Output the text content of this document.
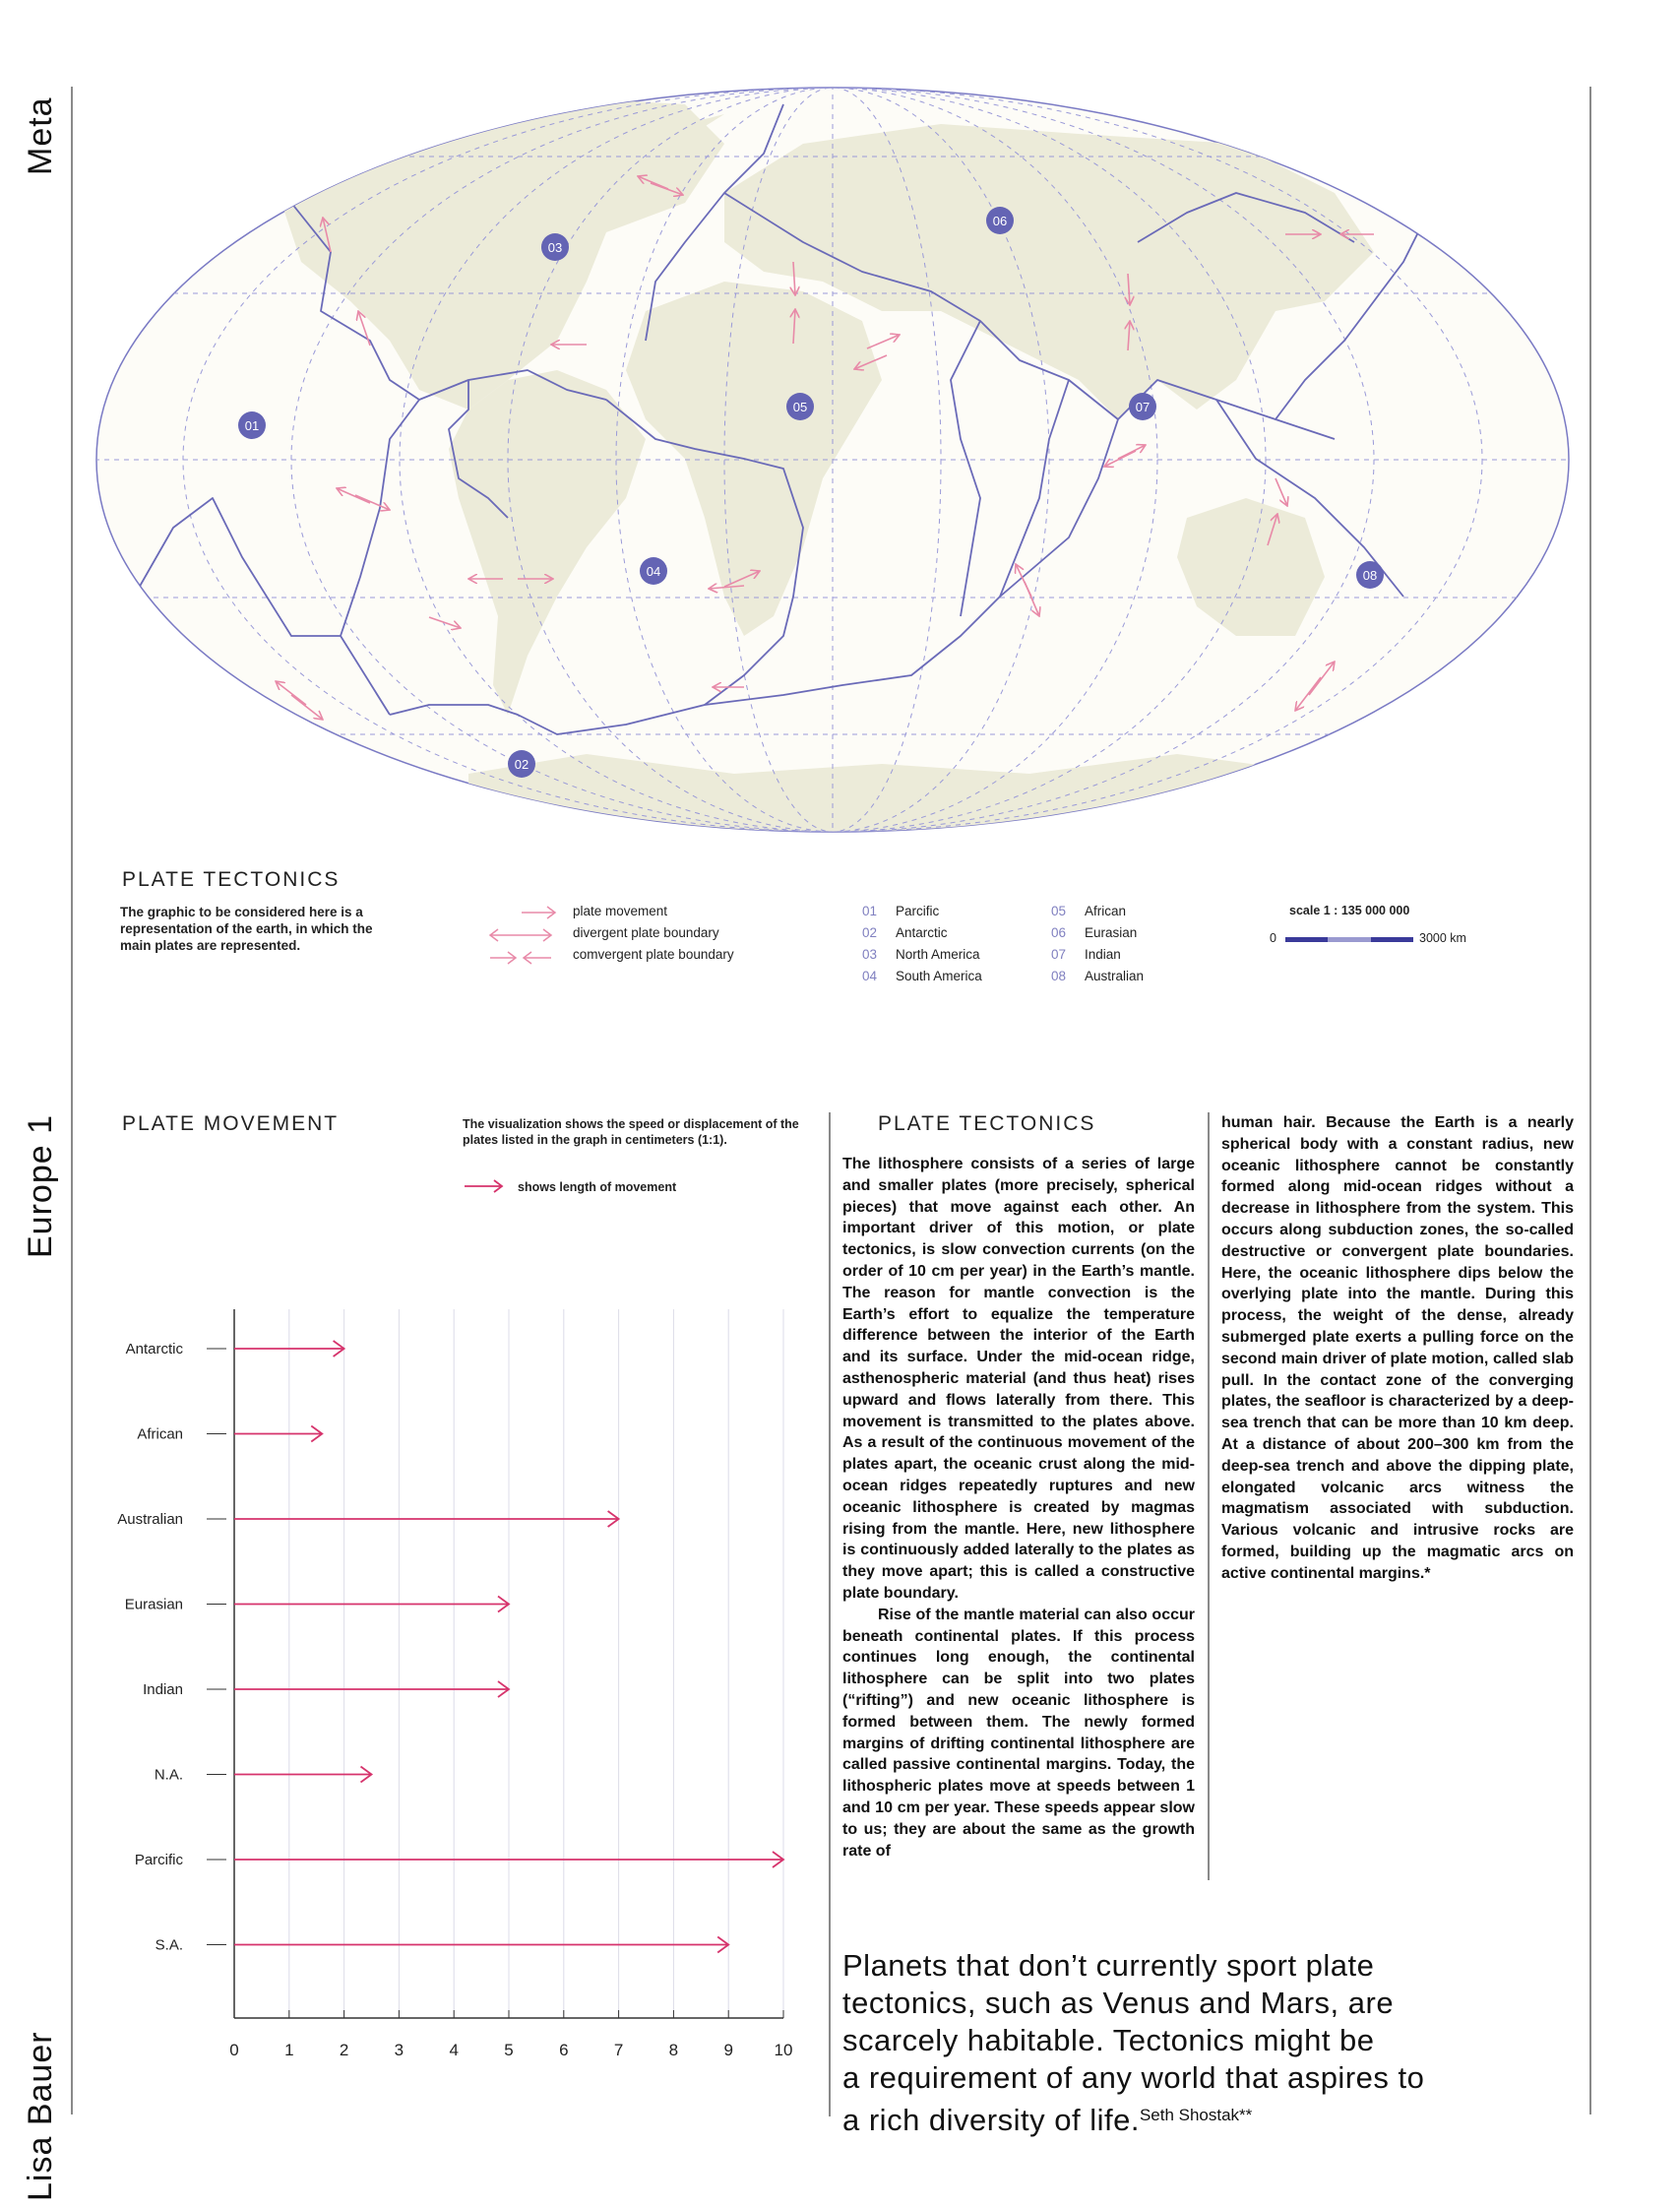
Meta
Europe 1
Lisa Bauer
01
02
03
04
05
06
07
08
PLATE TECTONICS
The graphic to be considered here is a representation of the earth, in which the main plates are represented.
plate movement
divergent plate boundary
comvergent plate boundary
01 Parcific
02 Antarctic
03 North America
04 South America
05 African
06 Eurasian
07 Indian
08 Australian
scale 1 : 135 000 000
0	3000 km
PLATE MOVEMENT	The visualization shows the speed or displacement of the plates listed in the graph in centimeters (1:1).
shows length of movement
0	1	2	3	4	5	6	7	8	9 10
Antarctic
African
Australian
Eurasian
Indian
N.A.
Parcific
S.A.
PLATE TECTONICS
The lithosphere consists of a series of large and smaller plates (more precisely, spherical pieces) that move against each other. An important driver of this motion, or plate tectonics, is slow convection currents (on the order of 10 cm per year) in the Earth’s mantle. The reason for mantle convection is the Earth’s effort to equalize the temperature difference between the interior of the Earth and its surface. Under the mid-ocean ridge, asthenospheric material (and thus heat) rises upward and flows laterally from there. This movement is transmitted to the plates above. As a result of the continuous movement of the plates apart, the oceanic crust along the mid-ocean ridges repeatedly ruptures and new oceanic lithosphere is created by magmas rising from the mantle. Here, new lithosphere is continuously added laterally to the plates as they move apart; this is called a constructive plate boundary.
Rise of the mantle material can also occur beneath continental plates. If this process continues long enough, the continental lithosphere can be split into two plates (“rifting”) and new oceanic lithosphere is formed between them. The newly formed margins of drifting continental lithosphere are called passive continental margins. Today, the lithospheric plates move at speeds between 1 and 10 cm per year. These speeds appear slow to us; they are about the same as the growth rate of
human hair. Because the Earth is a nearly spherical body with a constant radius, new oceanic lithosphere cannot be constantly formed along mid-ocean ridges without a decrease in lithosphere from the system. This occurs along subduction zones, the so-called destructive or convergent plate boundaries. Here, the oceanic lithosphere dips below the overlying plate into the mantle. During this process, the weight of the dense, already submerged plate exerts a pulling force on the second main driver of plate motion, called slab pull. In the contact zone of the converging plates, the seafloor is characterized by a deep-sea trench that can be more than 10 km deep. At a distance of about 200–300 km from the deep-sea trench and above the dipping plate, elongated volcanic arcs witness the magmatism associated with subduction. Various volcanic and intrusive rocks are formed, building up the magmatic arcs on active continental margins.*
Planets that don’t currently sport plate
tectonics, such as Venus and Mars, are
scarcely habitable. Tectonics might be
a requirement of any world that aspires to
a rich diversity of life.$^{Seth Shostak**}$
